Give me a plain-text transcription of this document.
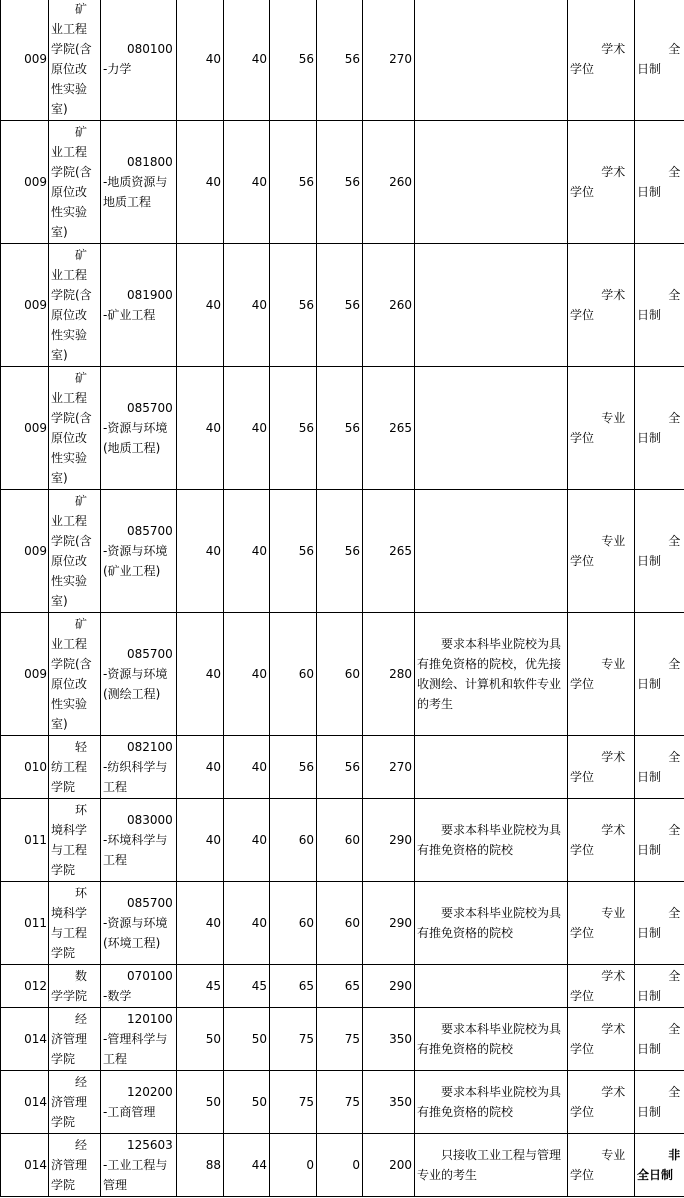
009	矿业工程学院(含原位改性实验室)	080100-力学	40	40	56	56	270		学术学位	全日制
009	矿业工程学院(含原位改性实验室)	081800-地质资源与地质工程	40	40	56	56	260		学术学位	全日制
009	矿业工程学院(含原位改性实验室)	081900-矿业工程	40	40	56	56	260		学术学位	全日制
009	矿业工程学院(含原位改性实验室)	085700-资源与环境(地质工程)	40	40	56	56	265		专业学位	全日制
009	矿业工程学院(含原位改性实验室)	085700-资源与环境(矿业工程)	40	40	56	56	265		专业学位	全日制
009	矿业工程学院(含原位改性实验室)	085700-资源与环境(测绘工程)	40	40	60	60	280	要求本科毕业院校为具有推免资格的院校，优先接收测绘、计算机和软件专业的考生	专业学位	全日制
010	轻纺工程学院	082100-纺织科学与工程	40	40	56	56	270		学术学位	全日制
011	环境科学与工程学院	083000-环境科学与工程	40	40	60	60	290	要求本科毕业院校为具有推免资格的院校	学术学位	全日制
011	环境科学与工程学院	085700-资源与环境(环境工程)	40	40	60	60	290	要求本科毕业院校为具有推免资格的院校	专业学位	全日制
012	数学学院	070100-数学	45	45	65	65	290		学术学位	全日制
014	经济管理学院	120100-管理科学与工程	50	50	75	75	350	要求本科毕业院校为具有推免资格的院校	学术学位	全日制
014	经济管理学院	120200-工商管理	50	50	75	75	350	要求本科毕业院校为具有推免资格的院校	学术学位	全日制
014	经济管理学院	125603-工业工程与管理	88	44	0	0	200	只接收工业工程与管理专业的考生	专业学位	非全日制
